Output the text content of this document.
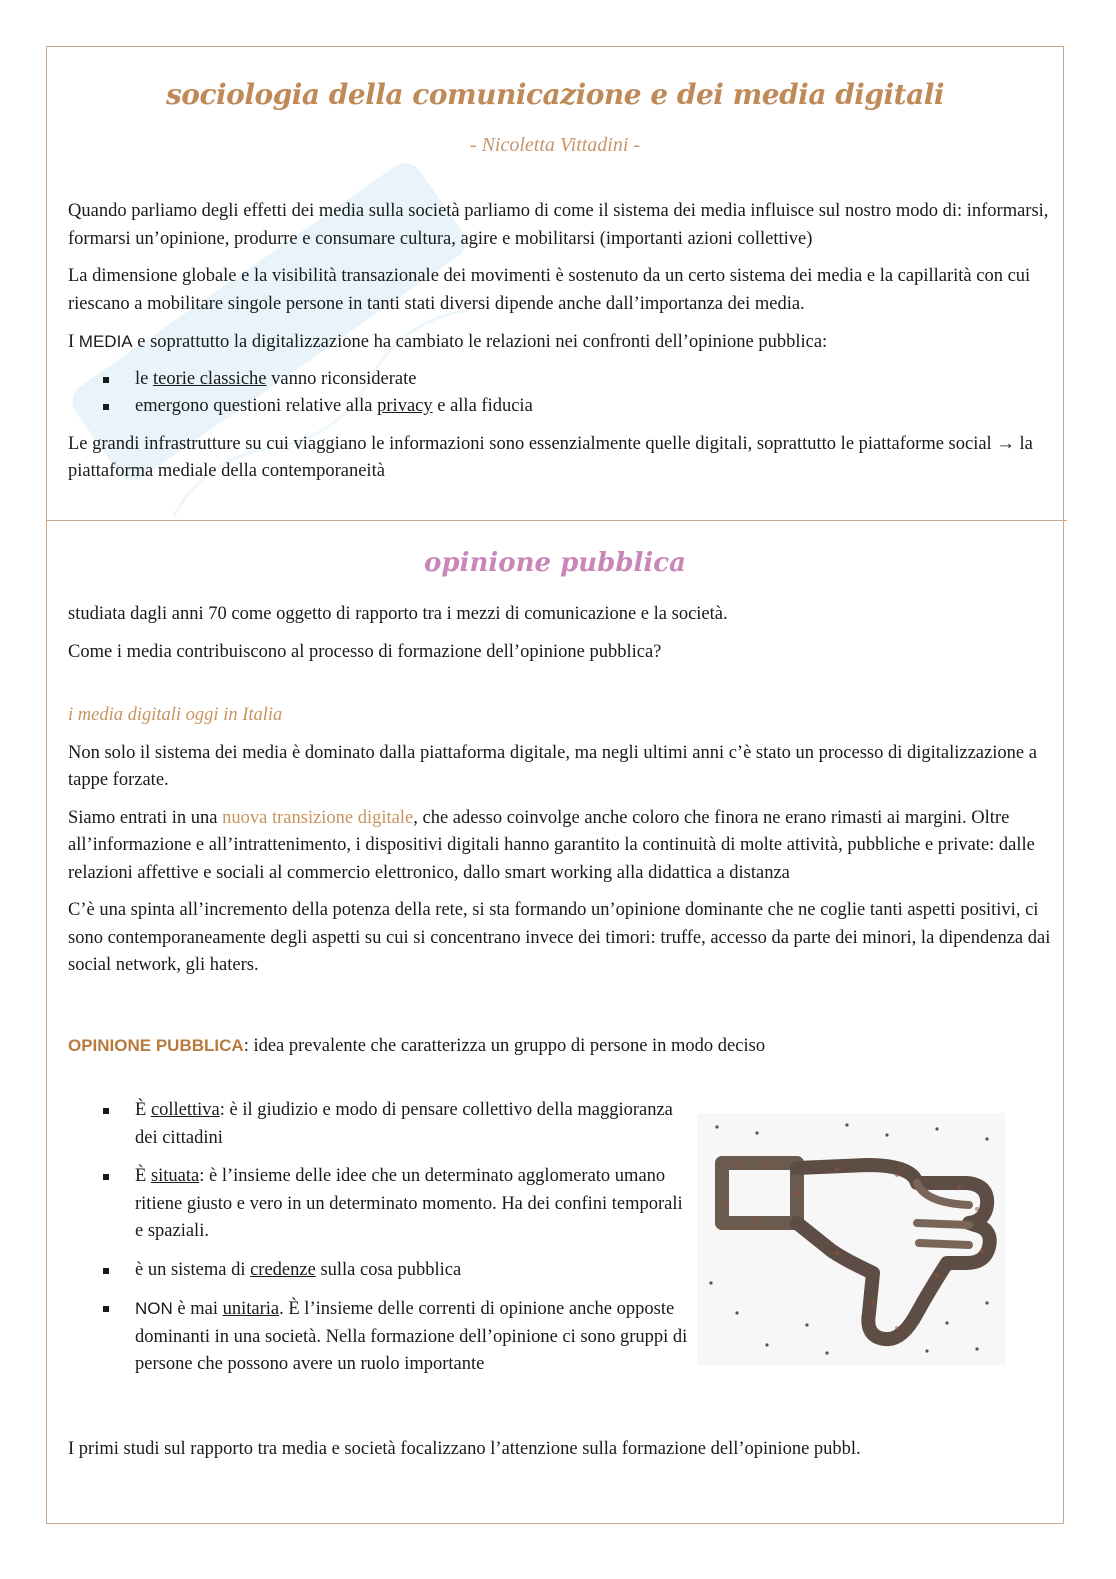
sociologia della comunicazione e dei media digitali
- Nicoletta Vittadini -

Quando parliamo degli effetti dei media sulla società parliamo di come il sistema dei media influisce sul nostro modo di: informarsi, formarsi un’opinione, produrre e consumare cultura, agire e mobilitarsi (importanti azioni collettive)

La dimensione globale e la visibilità transazionale dei movimenti è sostenuto da un certo sistema dei media e la capillarità con cui riescano a mobilitare singole persone in tanti stati diversi dipende anche dall’importanza dei media.

I MEDIA e soprattutto la digitalizzazione ha cambiato le relazioni nei confronti dell’opinione pubblica:

le teorie classiche vanno riconsiderate
emergono questioni relative alla privacy e alla fiducia

Le grandi infrastrutture su cui viaggiano le informazioni sono essenzialmente quelle digitali, soprattutto le piattaforme social → la piattaforma mediale della contemporaneità

opinione pubblica

studiata dagli anni 70 come oggetto di rapporto tra i mezzi di comunicazione e la società.

Come i media contribuiscono al processo di formazione dell’opinione pubblica?

i media digitali oggi in Italia

Non solo il sistema dei media è dominato dalla piattaforma digitale, ma negli ultimi anni c’è stato un processo di digitalizzazione a tappe forzate.

Siamo entrati in una nuova transizione digitale, che adesso coinvolge anche coloro che finora ne erano rimasti ai margini. Oltre all’informazione e all’intrattenimento, i dispositivi digitali hanno garantito la continuità di molte attività, pubbliche e private: dalle relazioni affettive e sociali al commercio elettronico, dallo smart working alla didattica a distanza

C’è una spinta all’incremento della potenza della rete, si sta formando un’opinione dominante che ne coglie tanti aspetti positivi, ci sono contemporaneamente degli aspetti su cui si concentrano invece dei timori: truffe, accesso da parte dei minori, la dipendenza dai social network, gli haters.

OPINIONE PUBBLICA: idea prevalente che caratterizza un gruppo di persone in modo deciso

È collettiva: è il giudizio e modo di pensare collettivo della maggioranza dei cittadini
È situata: è l’insieme delle idee che un determinato agglomerato umano ritiene giusto e vero in un determinato momento. Ha dei confini temporali e spaziali.
è un sistema di credenze sulla cosa pubblica
NON è mai unitaria. È l’insieme delle correnti di opinione anche opposte dominanti in una società. Nella formazione dell’opinione ci sono gruppi di persone che possono avere un ruolo importante

I primi studi sul rapporto tra media e società focalizzano l’attenzione sulla formazione dell’opinione pubbl.
